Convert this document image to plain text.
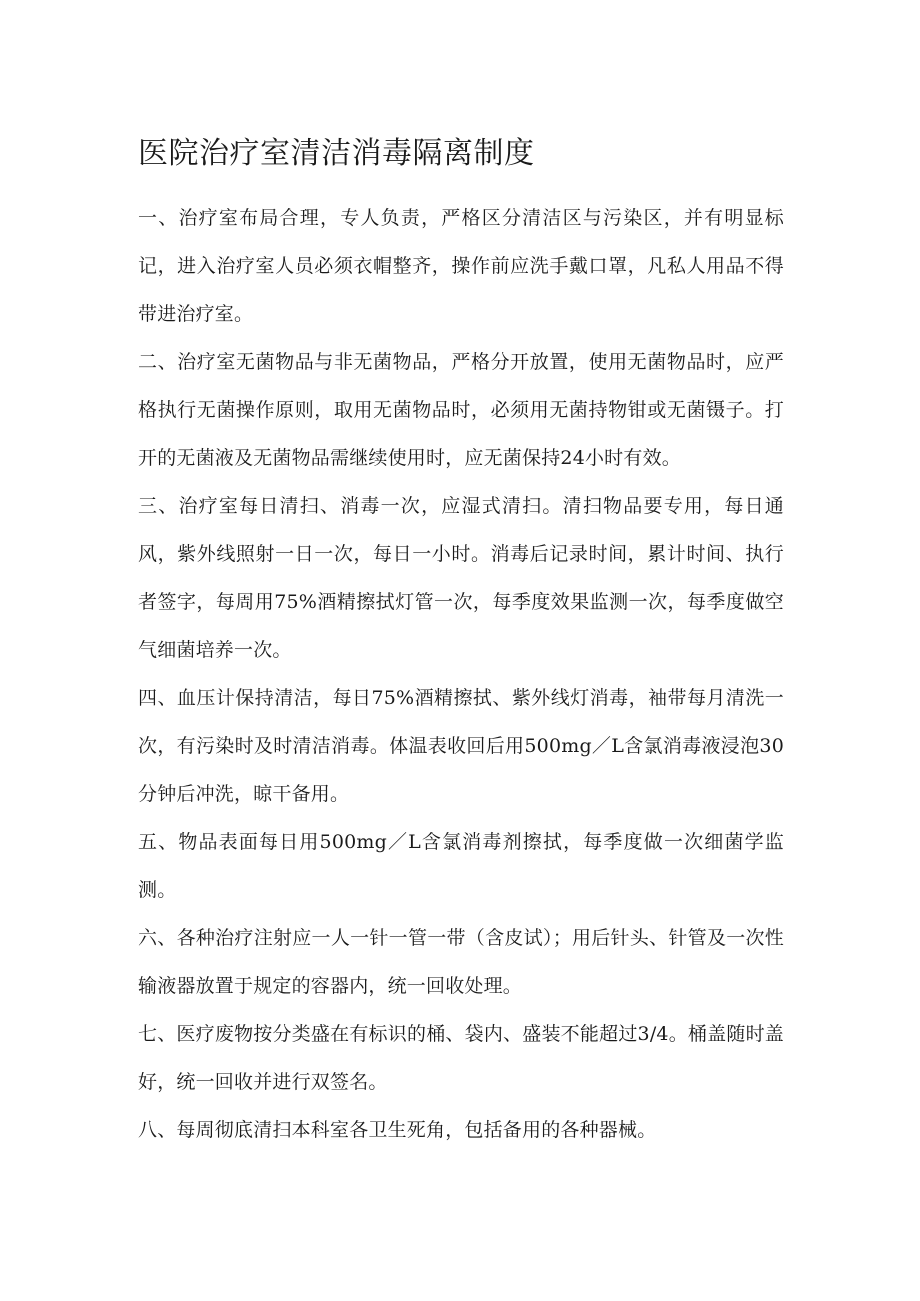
医院治疗室清洁消毒隔离制度

一、治疗室布局合理，专人负责，严格区分清洁区与污染区，并有明显标记，进入治疗室人员必须衣帽整齐，操作前应洗手戴口罩，凡私人用品不得带进治疗室。

二、治疗室无菌物品与非无菌物品，严格分开放置，使用无菌物品时，应严格执行无菌操作原则，取用无菌物品时，必须用无菌持物钳或无菌镊子。打开的无菌液及无菌物品需继续使用时，应无菌保持24小时有效。

三、治疗室每日清扫、消毒一次，应湿式清扫。清扫物品要专用，每日通风，紫外线照射一日一次，每日一小时。消毒后记录时间，累计时间、执行者签字，每周用75%酒精擦拭灯管一次，每季度效果监测一次，每季度做空气细菌培养一次。

四、血压计保持清洁，每日75%酒精擦拭、紫外线灯消毒，袖带每月清洗一次，有污染时及时清洁消毒。体温表收回后用500mg／L含氯消毒液浸泡30分钟后冲洗，晾干备用。

五、物品表面每日用500mg／L含氯消毒剂擦拭，每季度做一次细菌学监测。

六、各种治疗注射应一人一针一管一带（含皮试）；用后针头、针管及一次性输液器放置于规定的容器内，统一回收处理。

七、医疗废物按分类盛在有标识的桶、袋内、盛装不能超过3/4。桶盖随时盖好，统一回收并进行双签名。

八、每周彻底清扫本科室各卫生死角，包括备用的各种器械。
